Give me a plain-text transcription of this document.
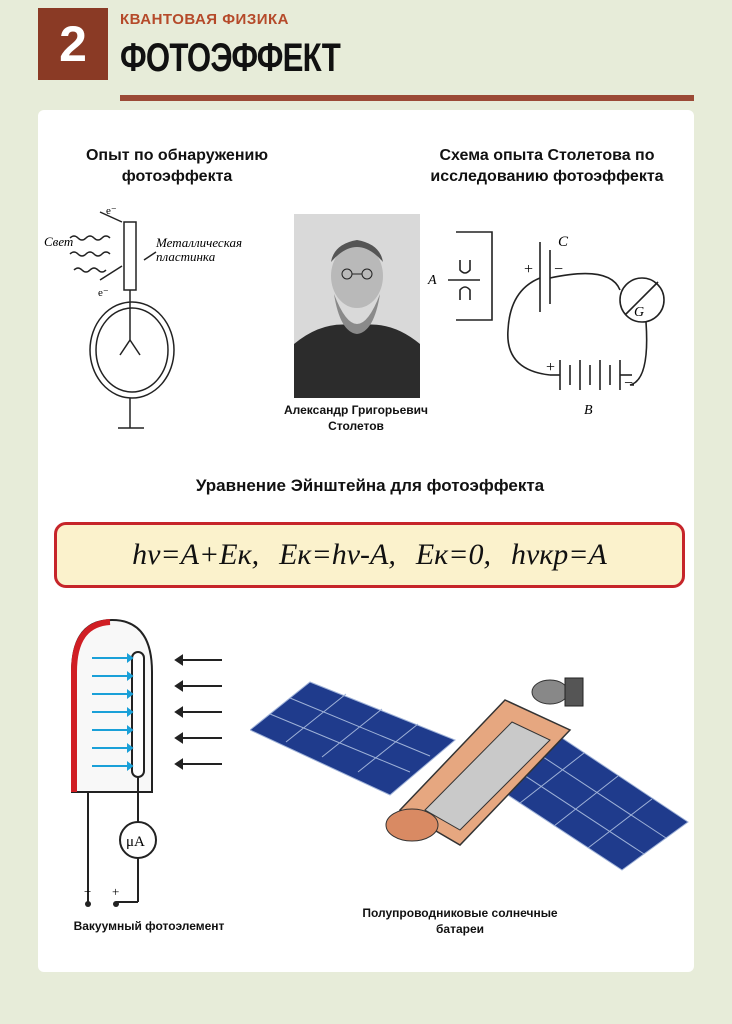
2	КВАНТОВАЯ ФИЗИКА
ФОТОЭФФЕКТ
Опыт по обнаружению
фотоэффекта
Схема опыта Столетова по
исследованию фотоэффекта
Свет	Металлическая
пластинка
e⁻
e⁻
Александр Григорьевич
Столетов
A
C
+ −
G
+
−
B
Уравнение Эйнштейна для фотоэффекта
hν=A+Eк, Eк=hν-A, Eк=0, hνкр=A
μA
− +
Вакуумный фотоэлемент
Полупроводниковые солнечные
батареи
